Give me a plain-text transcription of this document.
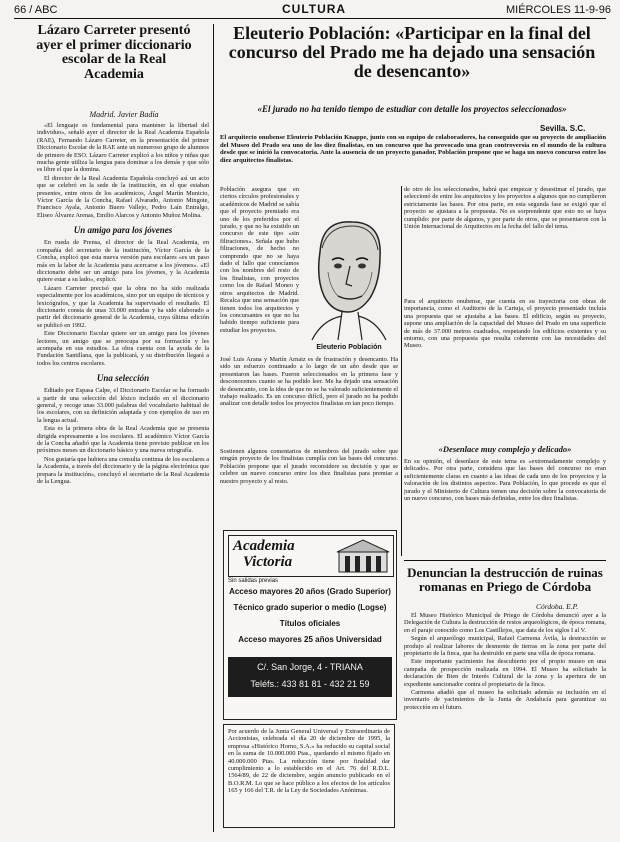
66 / ABC	CULTURA	MIÉRCOLES 11-9-96
Lázaro Carreter presentó ayer el primer diccionario escolar de la Real Academia
Madrid. Javier Badía

«El lenguaje es fundamental para mantener la libertad del individuo», señaló ayer el director de la Real Academia Española (RAE), Fernando Lázaro Carreter, en la presentación del primer Diccionario Escolar de la RAE ante un numeroso grupo de alumnos de primero de ESO. Lázaro Carreter explicó a los niños y niñas que mucha gente utiliza la lengua para dominar a los demás y que sólo es libre el que la domina.

El director de la Real Academia Española concluyó así un acto que se celebró en la sede de la institución, en el que estaban presentes, entre otros de los académicos, Ángel Martín Municio, Víctor García de la Concha, Rafael Alvarado, Antonio Mingote, Francisco Ayala, Antonio Buero Vallejo, Pedro Laín Entralgo, Eliseo Álvarez Arenas, Emilio Alarcos y Antonio Muñoz Molina.

Un amigo para los jóvenes

En rueda de Prensa, el director de la Real Academia, en compañía del secretario de la institución, Víctor García de la Concha, explicó que esta nueva versión para escolares «es un paso más en la labor de la Academia para acercarse a los jóvenes». «El diccionario debe ser un amigo para los jóvenes, y la Academia quiere estar a su lado», explicó.

Lázaro Carreter precisó que la obra no ha sido realizada especialmente por los académicos, sino por un equipo de técnicos y lexicógrafos, y que la Academia ha supervisado el resultado. El diccionario consta de unas 33.000 entradas y ha sido elaborado a partir del diccionario general de la Academia, cuya última edición se publicó en 1992.

Este Diccionario Escolar quiere ser un amigo para los jóvenes lectores, un amigo que se preocupa por su formación y les acompaña en sus estudios. La obra cuenta con la ayuda de la Fundación Santillana, que la publicará, y su distribución llegará a todos los centros escolares.

Una selección

Editado por Espasa Calpe, el Diccionario Escolar se ha formado a partir de una selección del léxico incluido en el diccionario general, y recoge unas 33.000 palabras del vocabulario habitual de los escolares, con su definición adaptada y con ejemplos de uso en la lengua actual.

Esta es la primera obra de la Real Academia que se presenta dirigida expresamente a los escolares. El académico Víctor García de la Concha añadió que la Academia tiene previsto publicar en los próximos meses un diccionario básico y una nueva ortografía.

Nos gustaría que hubiera una consulta continua de los escolares a la Academia, a través del diccionario y de la página electrónica que prepara la institución», concluyó el secretario de la Real Academia de la Lengua.

Eleuterio Población: «Participar en la final del concurso del Prado me ha dejado una sensación de desencanto»
«El jurado no ha tenido tiempo de estudiar con detalle los proyectos seleccionados»
Sevilla. S.C.
El arquitecto onubense Eleuterio Población Knappe, junto con su equipo de colaboradores, ha conseguido que su proyecto de ampliación del Museo del Prado sea uno de los diez finalistas, en un concurso que ha provocado una gran controversia en el mundo de la cultura desde que se inició la convocatoria. Ante la ausencia de un proyecto ganador, Población propone que se haga un nuevo concurso entre los diez arquitectos finalistas.
Población asegura que en ciertos círculos profesionales y académicos de Madrid se sabía que el proyecto premiado era uno de los preferidos por el jurado, y que no ha existido un concurso de este tipo «sin filtraciones». Señala que hubo filtraciones, de hecho no comprendo que no se haya dado el fallo que conocíamos con los nombres del resto de los finalistas, con proyectos como los de Rafael Moneo y otros arquitectos de Madrid. Recalca que una sensación que tienen todos los arquitectos y los concursantes es que no ha habido tiempo suficiente para estudiar los proyectos.
Eleuterio Población
José Luis Arana y Martín Arnaiz es de frustración y desencanto. Ha sido un esfuerzo continuado a lo largo de un año desde que se presentaron las bases. Fueron seleccionados en la primera fase y desconocemos cuanto se ha podido leer. Me ha dejado una sensación de desencanto, con la idea de que no se ha valorado suficientemente el trabajo realizado. Es un concurso difícil, pero el jurado no ha podido analizar con detalle todos los proyectos finalistas en tan poco tiempo.
Sostienen algunos comentarios de miembros del jurado sobre que ningún proyecto de los finalistas cumplía con las bases del concurso. Población propone que el jurado reconsidere su decisión y que se celebre un nuevo concurso entre los diez finalistas para premiar a nuestro proyecto y al resto.
de otro de los seleccionados, habrá que empezar y desestimar el jurado, que seleccionó de entre los arquitectos y los proyectos a algunos que no cumplieron estrictamente las bases. Por otra parte, en esta segunda fase se exigió que el proyecto se ajustara a la propuesta. No es sorprendente que esto no se haya cumplido: por parte de algunos, y por parte de otros, que se presentaron con la Unión Internacional de Arquitectos en la fecha del fallo del tema.
Para el arquitecto onubense, que cuenta en su trayectoria con obras de importancia, como el Auditorio de la Cartuja, el proyecto presentado incluía una propuesta que se ajustaba a las bases. El edificio, según su proyecto, supone una ampliación de la capacidad del Museo del Prado en una superficie de más de 37.000 metros cuadrados, respetando los edificios existentes y su entorno, con una propuesta que resulta coherente con las necesidades del Museo.
«Desenlace muy complejo y delicado»
En su opinión, el desenlace de este tema es «extremadamente complejo y delicado». Por otra parte, considera que las bases del concurso no eran suficientemente claras en cuanto a las ideas de cada uno de los proyectos y la valoración de los distintos aspectos. Para Población, lo que procede es que el jurado y el Ministerio de Cultura tomen una decisión sobre la convocatoria de un nuevo concurso, con bases más definidas, entre los diez finalistas.
Academia
Victoria
Sin salidas previas
Acceso mayores 20 años (Grado Superior)
Técnico grado superior o medio (Logse)
Títulos oficiales
Acceso mayores 25 años Universidad
C/. San Jorge, 4 - TRIANA
Teléfs.: 433 81 81 - 432 21 59
Por acuerdo de la Junta General Universal y Extraordinaria de Accionistas, celebrada el día 20 de diciembre de 1995, la empresa «Histórico Horno, S.A.» ha reducido su capital social en la suma de 10.000.000 Ptas., quedando el mismo fijado en 40.000.000 Ptas. La reducción tiene por finalidad dar cumplimiento a lo establecido en el Art. 76 del R.D.L. 1564/89, de 22 de diciembre, según anuncio publicado en el B.O.R.M. Lo que se hace público a los efectos de los artículos 165 y 166 del T.R. de la Ley de Sociedades Anónimas.
Denuncian la destrucción de ruinas romanas en Priego de Córdoba
Córdoba. E.P.

El Museo Histórico Municipal de Priego de Córdoba denunció ayer a la Delegación de Cultura la destrucción de restos arqueológicos, de época romana, en el paraje conocido como Los Castillejos, que data de los siglos I al V.

Según el arqueólogo municipal, Rafael Carmona Ávila, la destrucción se produjo al realizar labores de desmonte de tierras en la zona por parte del propietario de la finca, que ha destruido en parte una villa de época romana.

Este importante yacimiento fue descubierto por el propio museo en una campaña de prospección realizada en 1994. El Museo ha solicitado la declaración de Bien de Interés Cultural de la zona y la apertura de un expediente sancionador contra el propietario de la finca.

Carmona añadió que el museo ha solicitado además su inclusión en el inventario de yacimientos de la Junta de Andalucía para garantizar su protección en el futuro.
